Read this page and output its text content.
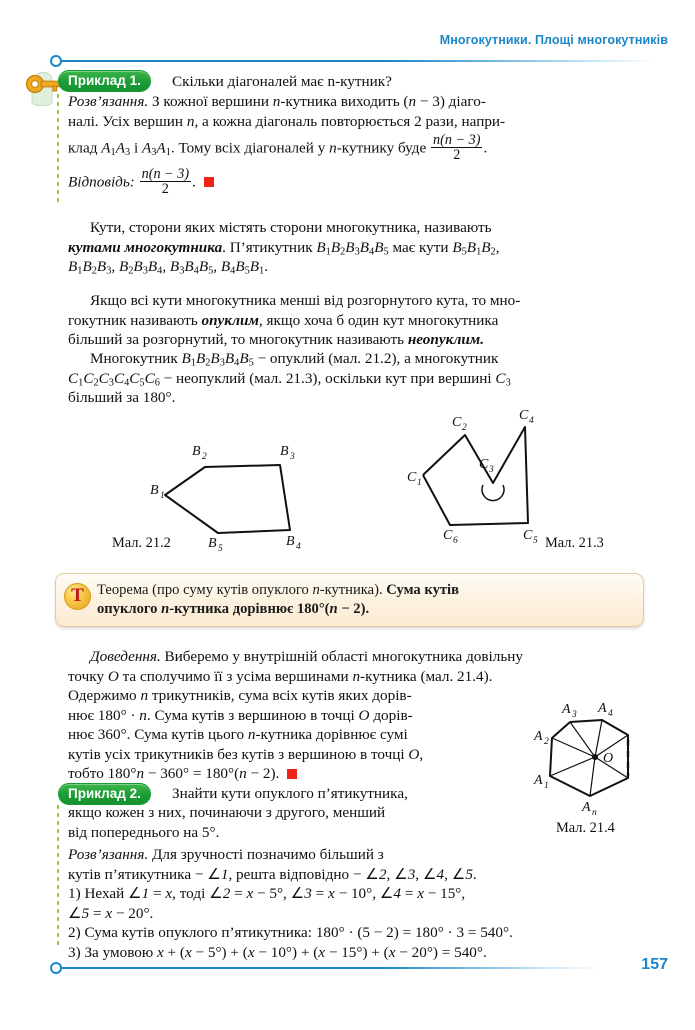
Многокутники. Площі многокутників
Приклад 1.	Скільки діагоналей має n-кутник?
Розв’язання. З кожної вершини n-кутника виходить (n − 3) діаго-
налі. Усіх вершин n, а кожна діагональ повторюється 2 рази, напри-
клад $A_1A_3$ і $A_3A_1$. Тому всіх діагоналей у n-кутнику буде $\frac{n(n - 3)}{2}$ .
Відповідь: $\frac{n(n - 3)}{2}$ .
Кути, сторони яких містять сторони многокутника, називають
кутами многокутника. П’ятикутник $B_1B_2B_3B_4B_5$ має кути $B_5B_1B_2$,
$B_1B_2B_3$, $B_2B_3B_4$, $B_3B_4B_5$, $B_4B_5B_1$.
Якщо всі кути многокутника менші від розгорнутого кута, то мно-
гокутник називають опуклим, якщо хоча б один кут многокутника
більший за розгорнутий, то многокутник називають неопуклим.
Многокутник $B_1B_2B_3B_4B_5$ − опуклий (мал. 21.2), а многокутник
$C_1C_2C_3C_4C_5C_6$ − неопуклий (мал. 21.3), оскільки кут при вершині $C_3$
більший за 180°.
B 1
B 2	B 3
B 4
B 5
Мал. 21.2
C 1
C 2
C 3
C 4
C 5
C 6	Мал. 21.3
Т Теорема (про суму кутів опуклого n-кутника). Сума кутів
опуклого n-кутника дорівнює 180°(n − 2).
Доведення. Виберемо у внутрішній області многокутника довільну
точку O та сполучимо її з усіма вершинами n-кутника (мал. 21.4).
Одержимо n трикутників, сума всіх кутів яких дорів-
нює 180° · n. Сума кутів з вершиною в точці O дорів-
нює 360°. Сума кутів цього n-кутника дорівнює сумі
кутів усіх трикутників без кутів з вершиною в точці O,
тобто 180°n − 360° = 180°(n − 2).	A 1
A 2
A 3 A 4
A n
O
Мал. 21.4
Приклад 2.	Знайти кути опуклого п’ятикутника,
якщо кожен з них, починаючи з другого, менший
від попереднього на 5°.
Розв’язання. Для зручності позначимо більший з
кутів п’ятикутника − ∠1, решта відповідно − ∠2, ∠3, ∠4, ∠5.
1) Нехай ∠1 = x, тоді ∠2 = x − 5°, ∠3 = x − 10°, ∠4 = x − 15°,
∠5 = x − 20°.
2) Сума кутів опуклого п’ятикутника: 180° · (5 − 2) = 180° · 3 = 540°.
3) За умовою x + (x − 5°) + (x − 10°) + (x − 15°) + (x − 20°) = 540°.
157
